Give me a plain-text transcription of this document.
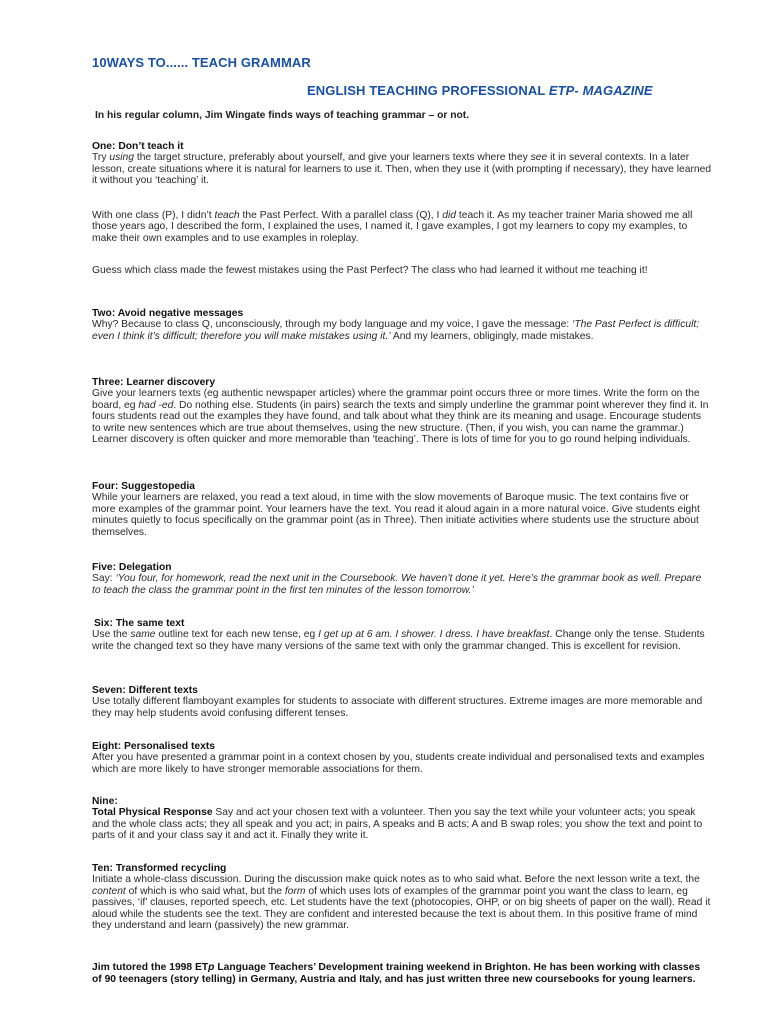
10WAYS TO...... TEACH GRAMMAR
ENGLISH TEACHING PROFESSIONAL ETP- MAGAZINE
In his regular column, Jim Wingate finds ways of teaching grammar – or not.

One: Don’t teach it

Try using the target structure, preferably about yourself, and give your learners texts where they see it in several contexts. In a later lesson, create situations where it is natural for learners to use it. Then, when they use it (with prompting if necessary), they have learned it without you ‘teaching’ it.

With one class (P), I didn’t teach the Past Perfect. With a parallel class (Q), I did teach it. As my teacher trainer Maria showed me all those years ago, I described the form, I explained the uses, I named it, I gave examples, I got my learners to copy my examples, to make their own examples and to use examples in roleplay.

Guess which class made the fewest mistakes using the Past Perfect? The class who had learned it without me teaching it!

Two: Avoid negative messages

Why? Because to class Q, unconsciously, through my body language and my voice, I gave the message: ‘The Past Perfect is difficult; even I think it’s difficult; therefore you will make mistakes using it.’ And my learners, obligingly, made mistakes.

Three: Learner discovery

Give your learners texts (eg authentic newspaper articles) where the grammar point occurs three or more times. Write the form on the board, eg had -ed. Do nothing else. Students (in pairs) search the texts and simply underline the grammar point wherever they find it. In fours students read out the examples they have found, and talk about what they think are its meaning and usage. Encourage students to write new sentences which are true about themselves, using the new structure. (Then, if you wish, you can name the grammar.) Learner discovery is often quicker and more memorable than ‘teaching’. There is lots of time for you to go round helping individuals.

Four: Suggestopedia

While your learners are relaxed, you read a text aloud, in time with the slow movements of Baroque music. The text contains five or more examples of the grammar point. Your learners have the text. You read it aloud again in a more natural voice. Give students eight minutes quietly to focus specifically on the grammar point (as in Three). Then initiate activities where students use the structure about themselves.

Five: Delegation

Say: ‘You four, for homework, read the next unit in the Coursebook. We haven’t done it yet. Here’s the grammar book as well. Prepare to teach the class the grammar point in the first ten minutes of the lesson tomorrow.’

Six: The same text

Use the same outline text for each new tense, eg I get up at 6 am. I shower. I dress. I have breakfast. Change only the tense. Students write the changed text so they have many versions of the same text with only the grammar changed. This is excellent for revision.

Seven: Different texts

Use totally different flamboyant examples for students to associate with different structures. Extreme images are more memorable and they may help students avoid confusing different tenses.

Eight: Personalised texts

After you have presented a grammar point in a context chosen by you, students create individual and personalised texts and examples which are more likely to have stronger memorable associations for them.

Nine:

Total Physical Response Say and act your chosen text with a volunteer. Then you say the text while your volunteer acts; you speak and the whole class acts; they all speak and you act; in pairs, A speaks and B acts; A and B swap roles; you show the text and point to parts of it and your class say it and act it. Finally they write it.

Ten: Transformed recycling

Initiate a whole-class discussion. During the discussion make quick notes as to who said what. Before the next lesson write a text, the content of which is who said what, but the form of which uses lots of examples of the grammar point you want the class to learn, eg passives, ‘if’ clauses, reported speech, etc. Let students have the text (photocopies, OHP, or on big sheets of paper on the wall). Read it aloud while the students see the text. They are confident and interested because the text is about them. In this positive frame of mind they understand and learn (passively) the new grammar.

Jim tutored the 1998 ETp Language Teachers’ Development training weekend in Brighton. He has been working with classes of 90 teenagers (story telling) in Germany, Austria and Italy, and has just written three new coursebooks for young learners.
